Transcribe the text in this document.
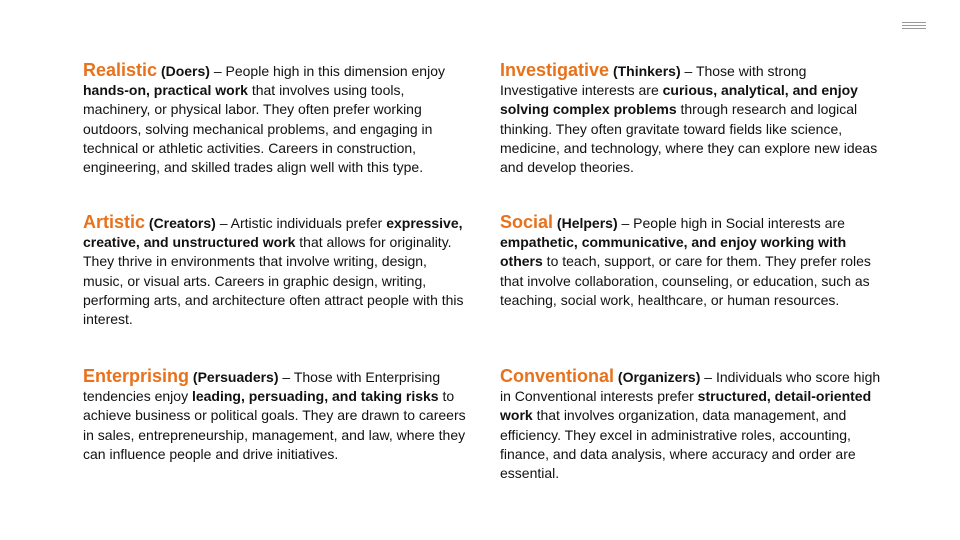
Realistic (Doers) – People high in this dimension enjoy hands-on, practical work that involves using tools, machinery, or physical labor. They often prefer working outdoors, solving mechanical problems, and engaging in technical or athletic activities. Careers in construction, engineering, and skilled trades align well with this type.
Investigative (Thinkers) – Those with strong Investigative interests are curious, analytical, and enjoy solving complex problems through research and logical thinking. They often gravitate toward fields like science, medicine, and technology, where they can explore new ideas and develop theories.
Artistic (Creators) – Artistic individuals prefer expressive, creative, and unstructured work that allows for originality. They thrive in environments that involve writing, design, music, or visual arts. Careers in graphic design, writing, performing arts, and architecture often attract people with this interest.
Social (Helpers) – People high in Social interests are empathetic, communicative, and enjoy working with others to teach, support, or care for them. They prefer roles that involve collaboration, counseling, or education, such as teaching, social work, healthcare, or human resources.
Enterprising (Persuaders) – Those with Enterprising tendencies enjoy leading, persuading, and taking risks to achieve business or political goals. They are drawn to careers in sales, entrepreneurship, management, and law, where they can influence people and drive initiatives.
Conventional (Organizers) – Individuals who score high in Conventional interests prefer structured, detail-oriented work that involves organization, data management, and efficiency. They excel in administrative roles, accounting, finance, and data analysis, where accuracy and order are essential.
